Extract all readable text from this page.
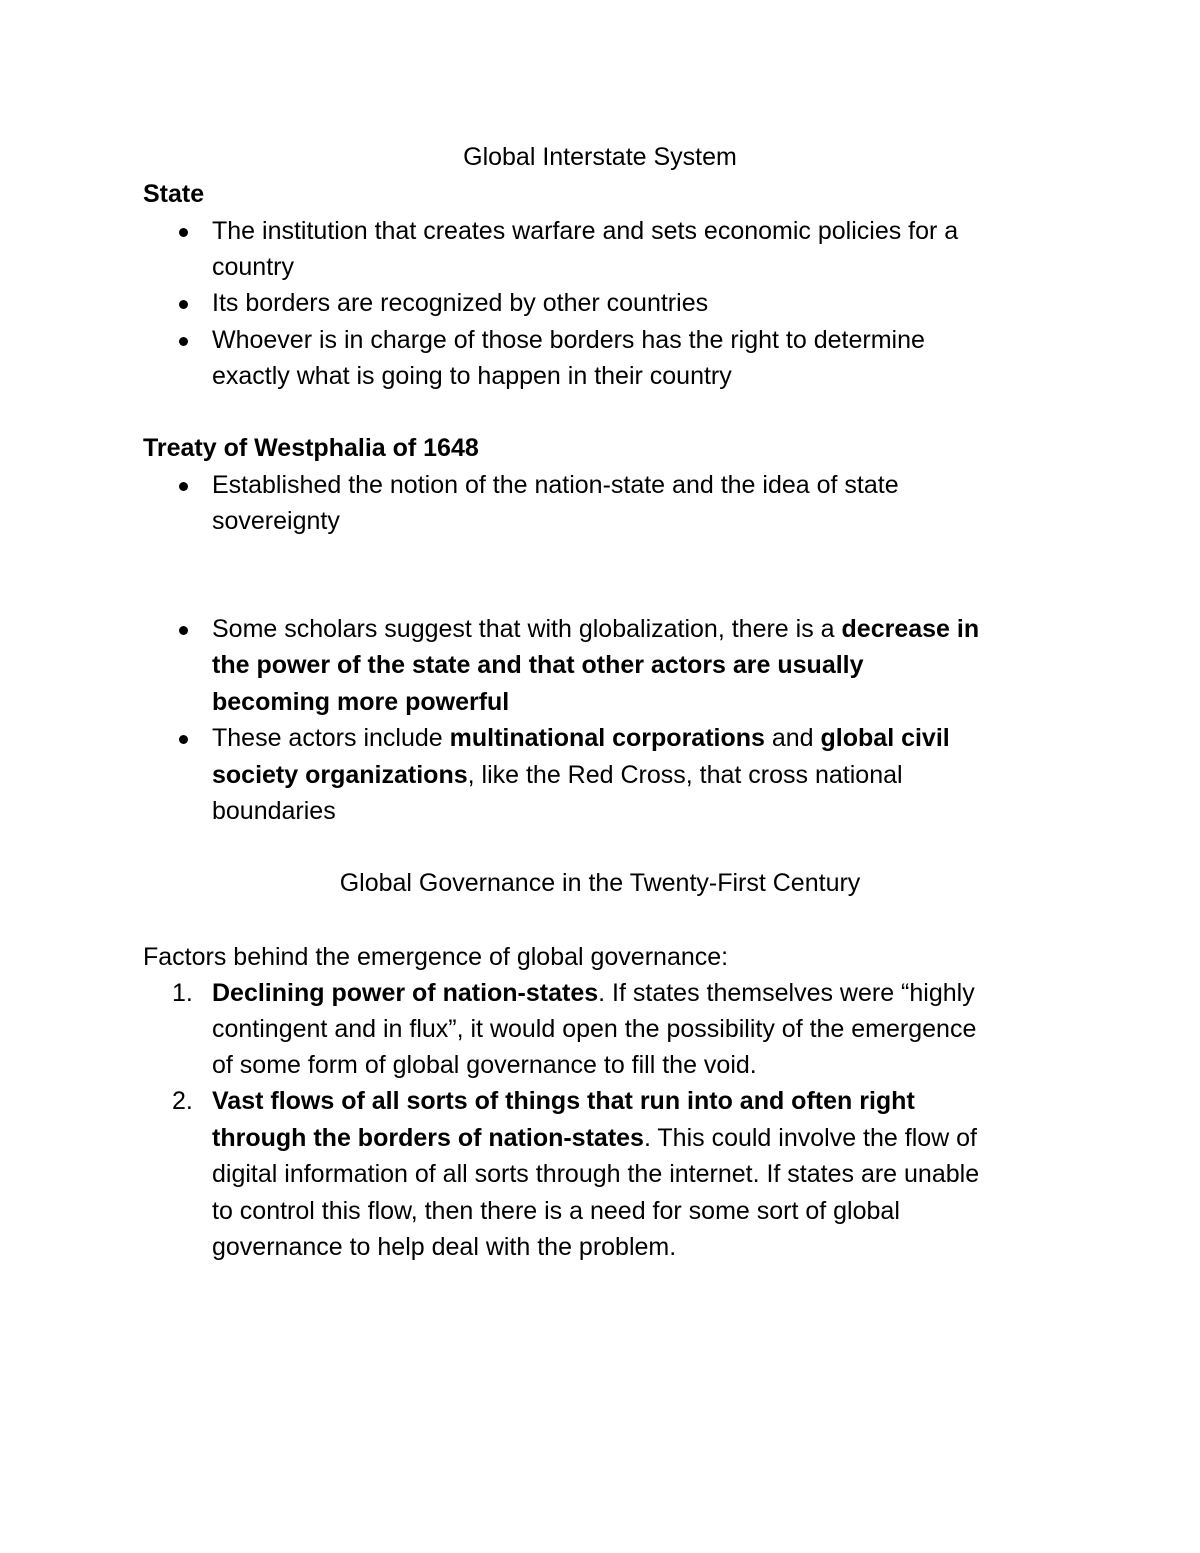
Global Interstate System
State
The institution that creates warfare and sets economic policies for a
country
Its borders are recognized by other countries
Whoever is in charge of those borders has the right to determine
exactly what is going to happen in their country
Treaty of Westphalia of 1648
Established the notion of the nation-state and the idea of state
sovereignty
Some scholars suggest that with globalization, there is a decrease in
the power of the state and that other actors are usually
becoming more powerful
These actors include multinational corporations and global civil
society organizations, like the Red Cross, that cross national
boundaries
Global Governance in the Twenty-First Century
Factors behind the emergence of global governance:
1. Declining power of nation-states. If states themselves were “highly
contingent and in flux”, it would open the possibility of the emergence
of some form of global governance to fill the void.
2. Vast flows of all sorts of things that run into and often right
through the borders of nation-states. This could involve the flow of
digital information of all sorts through the internet. If states are unable
to control this flow, then there is a need for some sort of global
governance to help deal with the problem.
